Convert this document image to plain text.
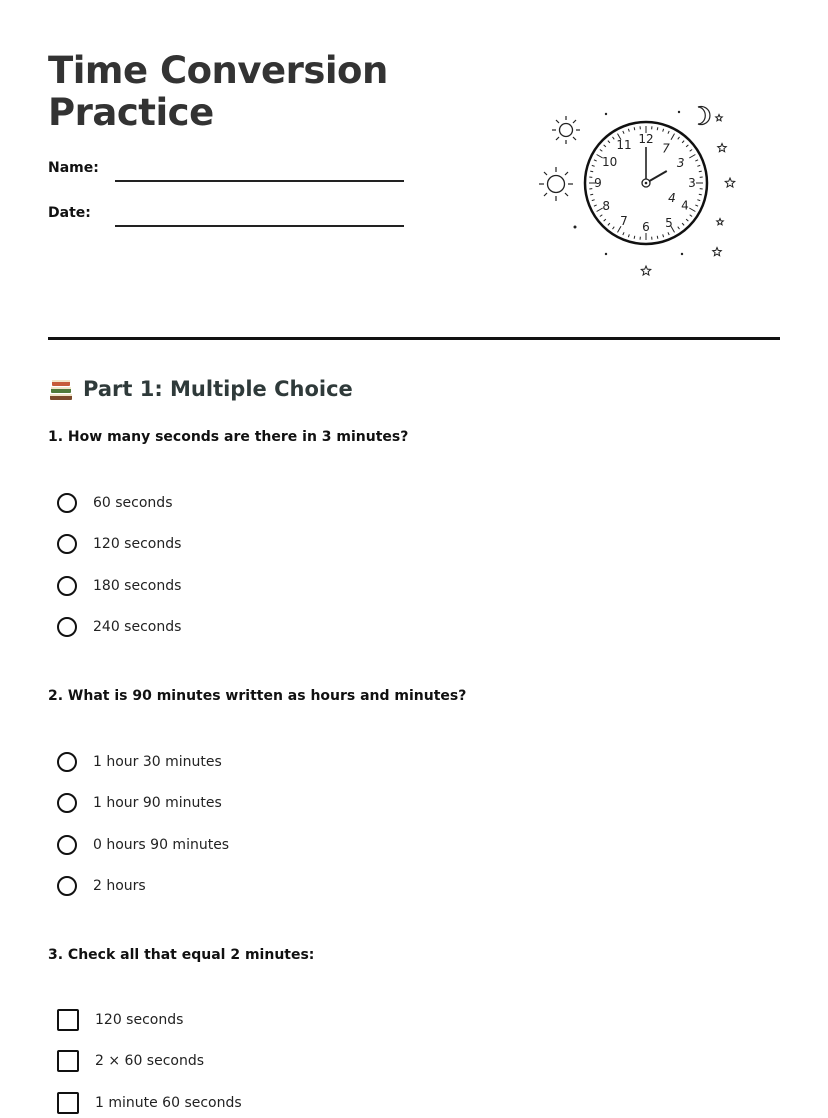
Time Conversion
Practice
Name:
Date:
12
3
4
5
6
7
8
9
10
11
3
4
7
Part 1: Multiple Choice
1. How many seconds are there in 3 minutes?
60 seconds
120 seconds
180 seconds
240 seconds
2. What is 90 minutes written as hours and minutes?
1 hour 30 minutes
1 hour 90 minutes
0 hours 90 minutes
2 hours
3. Check all that equal 2 minutes:
120 seconds
2 × 60 seconds
1 minute 60 seconds
